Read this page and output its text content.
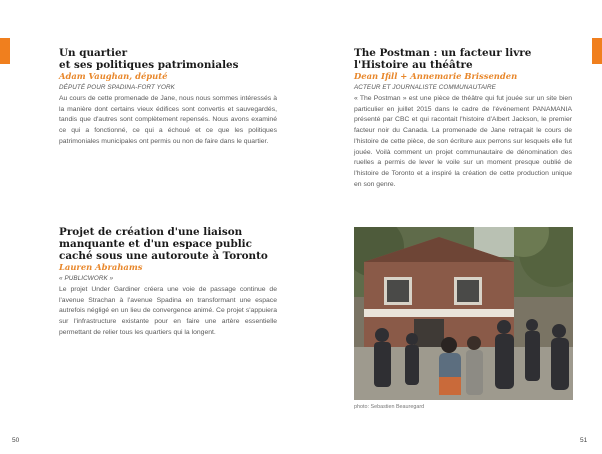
Un quartier
et ses politiques patrimoniales

Adam Vaughan, député

DÉPUTÉ POUR SPADINA-FORT YORK

Au cours de cette promenade de Jane, nous nous sommes intéressés à la manière dont certains vieux édifices sont convertis et sauvegardés, tandis que d'autres sont complètement repensés. Nous avons examiné ce qui a fonctionné, ce qui a échoué et ce que les politiques patrimoniales municipales ont permis ou non de faire dans le quartier.

Projet de création d'une liaison
manquante et d'un espace public
caché sous une autoroute à Toronto

Lauren Abrahams

« PUBLICWORK »

Le projet Under Gardiner créera une voie de passage continue de l'avenue Strachan à l'avenue Spadina en transformant une espace autrefois négligé en un lieu de convergence animé. Ce projet s'appuiera sur l'infrastructure existante pour en faire une artère essentielle permettant de relier tous les quartiers qui la longent.

The Postman : un facteur livre
l'Histoire au théâtre

Dean Ifill + Annemarie Brissenden

ACTEUR ET JOURNALISTE COMMUNAUTAIRE

« The Postman » est une pièce de théâtre qui fut jouée sur un site bien particulier en juillet 2015 dans le cadre de l'événement PANAMANIA présenté par CBC et qui racontait l'histoire d'Albert Jackson, le premier facteur noir du Canada. La promenade de Jane retraçait le cours de l'histoire de cette pièce, de son écriture aux perrons sur lesquels elle fut jouée. Voilà comment un projet communautaire de dénomination des ruelles a permis de lever le voile sur un moment presque oublié de l'histoire de Toronto et a inspiré la création de cette production unique en son genre.

photo: Sebastien Beauregard
50	51
